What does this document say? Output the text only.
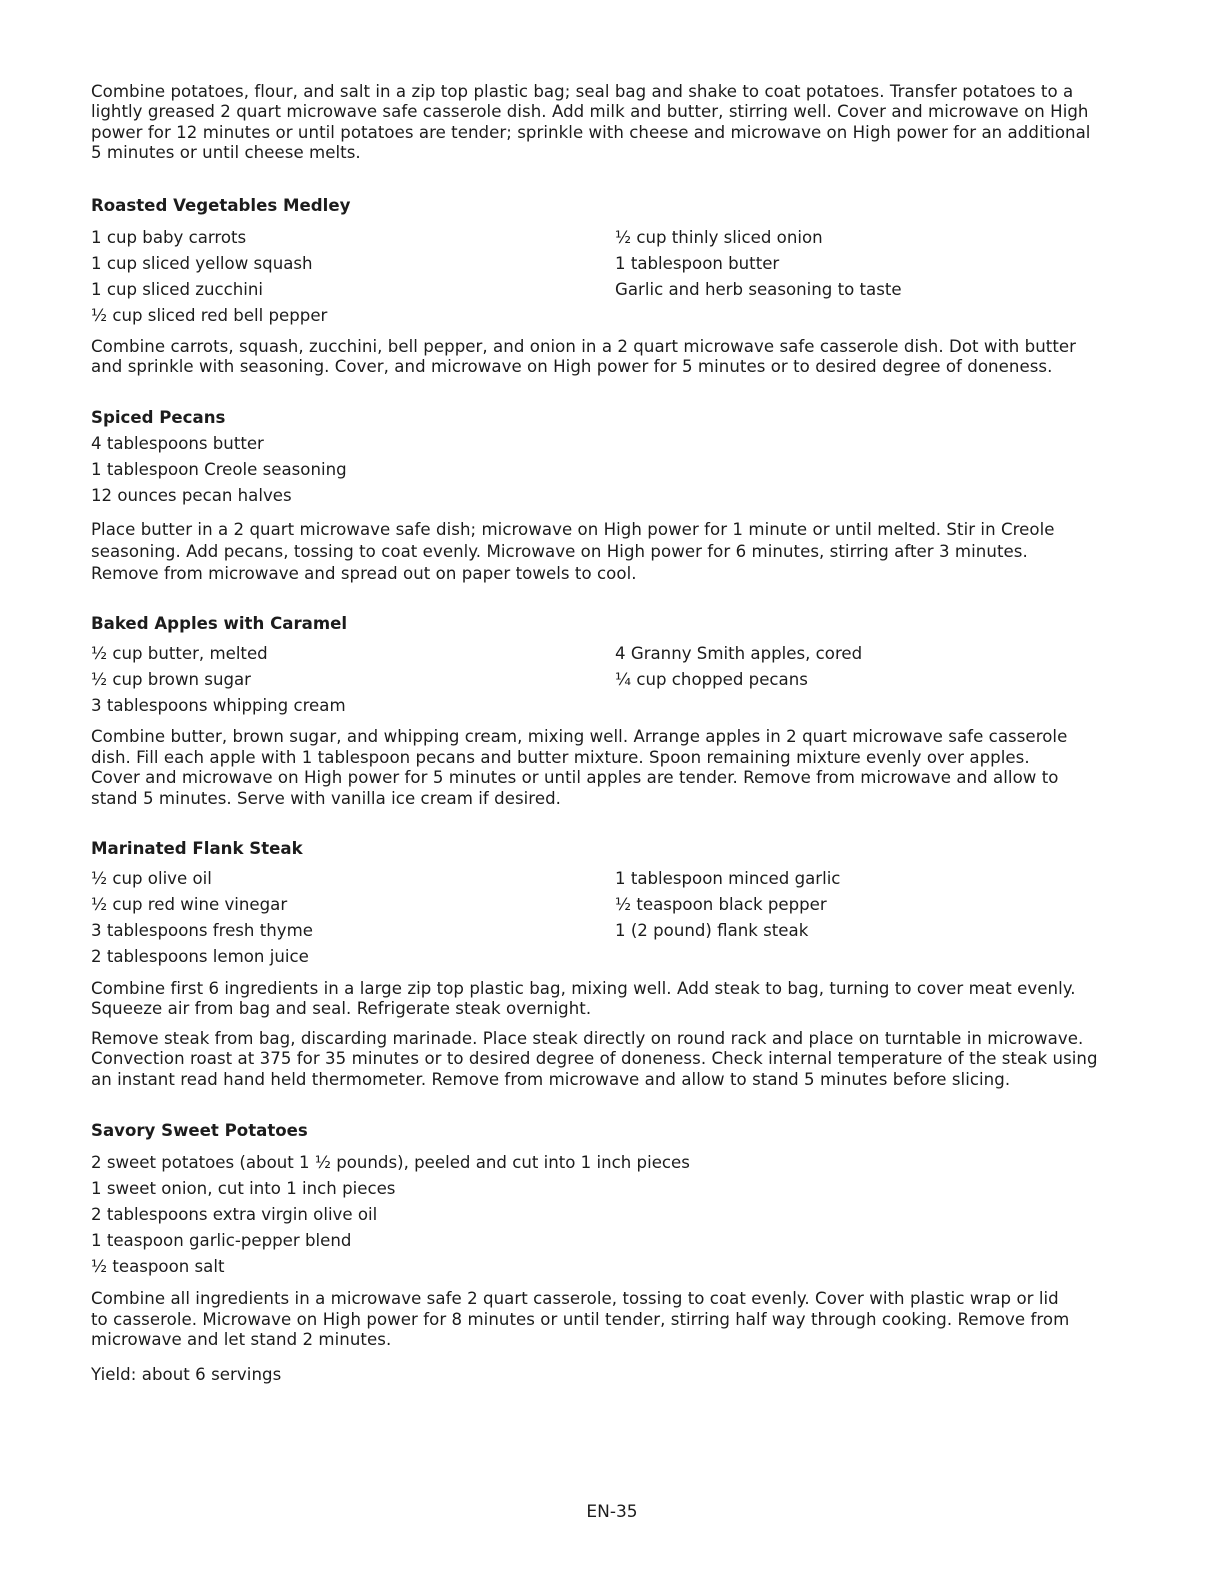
Combine potatoes, flour, and salt in a zip top plastic bag; seal bag and shake to coat potatoes. Transfer potatoes to a
lightly greased 2 quart microwave safe casserole dish. Add milk and butter, stirring well. Cover and microwave on High
power for 12 minutes or until potatoes are tender; sprinkle with cheese and microwave on High power for an additional
5 minutes or until cheese melts.

Roasted Vegetables Medley

1 cup baby carrots

1 cup sliced yellow squash

1 cup sliced zucchini

½ cup sliced red bell pepper

½ cup thinly sliced onion

1 tablespoon butter

Garlic and herb seasoning to taste

Combine carrots, squash, zucchini, bell pepper, and onion in a 2 quart microwave safe casserole dish. Dot with butter
and sprinkle with seasoning. Cover, and microwave on High power for 5 minutes or to desired degree of doneness.

Spiced Pecans

4 tablespoons butter

1 tablespoon Creole seasoning

12 ounces pecan halves

Place butter in a 2 quart microwave safe dish; microwave on High power for 1 minute or until melted. Stir in Creole
seasoning. Add pecans, tossing to coat evenly. Microwave on High power for 6 minutes, stirring after 3 minutes.
Remove from microwave and spread out on paper towels to cool.

Baked Apples with Caramel

½ cup butter, melted

½ cup brown sugar

3 tablespoons whipping cream

4 Granny Smith apples, cored

¼ cup chopped pecans

Combine butter, brown sugar, and whipping cream, mixing well. Arrange apples in 2 quart microwave safe casserole
dish. Fill each apple with 1 tablespoon pecans and butter mixture. Spoon remaining mixture evenly over apples.
Cover and microwave on High power for 5 minutes or until apples are tender. Remove from microwave and allow to
stand 5 minutes. Serve with vanilla ice cream if desired.

Marinated Flank Steak

½ cup olive oil

½ cup red wine vinegar

3 tablespoons fresh thyme

2 tablespoons lemon juice

1 tablespoon minced garlic

½ teaspoon black pepper

1 (2 pound) flank steak

Combine first 6 ingredients in a large zip top plastic bag, mixing well. Add steak to bag, turning to cover meat evenly.
Squeeze air from bag and seal. Refrigerate steak overnight.

Remove steak from bag, discarding marinade. Place steak directly on round rack and place on turntable in microwave.
Convection roast at 375 for 35 minutes or to desired degree of doneness. Check internal temperature of the steak using
an instant read hand held thermometer. Remove from microwave and allow to stand 5 minutes before slicing.

Savory Sweet Potatoes

2 sweet potatoes (about 1 ½ pounds), peeled and cut into 1 inch pieces

1 sweet onion, cut into 1 inch pieces

2 tablespoons extra virgin olive oil

1 teaspoon garlic-pepper blend

½ teaspoon salt

Combine all ingredients in a microwave safe 2 quart casserole, tossing to coat evenly. Cover with plastic wrap or lid
to casserole. Microwave on High power for 8 minutes or until tender, stirring half way through cooking. Remove from
microwave and let stand 2 minutes.

Yield: about 6 servings

EN-35
